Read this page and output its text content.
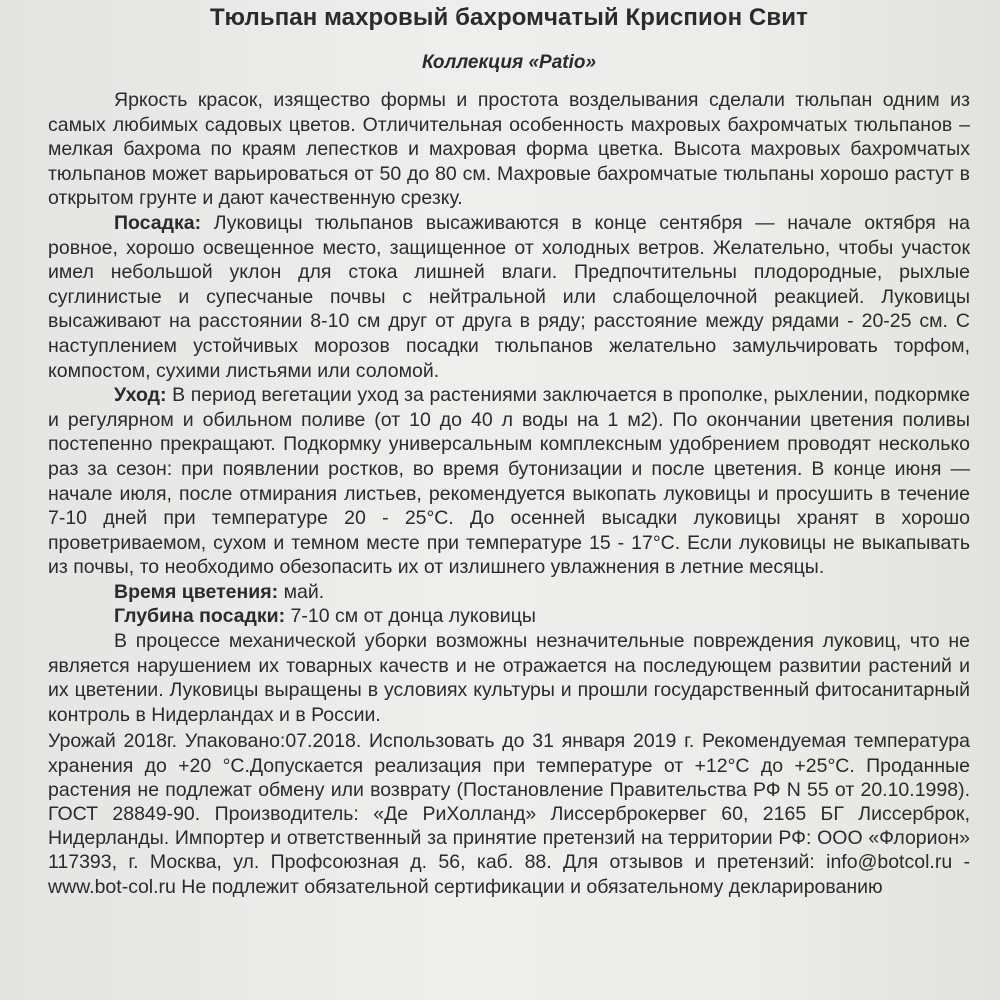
Тюльпан махровый бахромчатый Криспион Свит
Коллекция «Patio»

Яркость красок, изящество формы и простота возделывания сделали тюльпан одним из самых любимых садовых цветов. Отличительная особенность махровых бахромчатых тюльпанов – мелкая бахрома по краям лепестков и махровая форма цветка. Высота махровых бахромчатых тюльпанов может варьироваться от 50 до 80 см. Махровые бахромчатые тюльпаны хорошо растут в открытом грунте и дают качественную срезку.

Посадка: Луковицы тюльпанов высаживаются в конце сентября — начале октября на ровное, хорошо освещенное место, защищенное от холодных ветров. Желательно, чтобы участок имел небольшой уклон для стока лишней влаги. Предпочтительны плодородные, рыхлые суглинистые и супесчаные почвы с нейтральной или слабощелочной реакцией. Луковицы высаживают на расстоянии 8-10 см друг от друга в ряду; расстояние между рядами - 20-25 см. С наступлением устойчивых морозов посадки тюльпанов желательно замульчировать торфом, компостом, сухими листьями или соломой.

Уход: В период вегетации уход за растениями заключается в прополке, рыхлении, подкормке и регулярном и обильном поливе (от 10 до 40 л воды на 1 м2). По окончании цветения поливы постепенно прекращают. Подкормку универсальным комплексным удобрением проводят несколько раз за сезон: при появлении ростков, во время бутонизации и после цветения. В конце июня — начале июля, после отмирания листьев, рекомендуется выкопать луковицы и просушить в течение 7-10 дней при температуре 20 - 25°С. До осенней высадки луковицы хранят в хорошо проветриваемом, сухом и темном месте при температуре 15 - 17°С. Если луковицы не выкапывать из почвы, то необходимо обезопасить их от излишнего увлажнения в летние месяцы.

Время цветения: май.

Глубина посадки: 7-10 см от донца луковицы

В процессе механической уборки возможны незначительные повреждения луковиц, что не является нарушением их товарных качеств и не отражается на последующем развитии растений и их цветении. Луковицы выращены в условиях культуры и прошли государственный фитосанитарный контроль в Нидерландах и в России.

Урожай 2018г. Упаковано:07.2018. Использовать до 31 января 2019 г. Рекомендуемая температура хранения до +20 °С.Допускается реализация при температуре от +12°С до +25°С. Проданные растения не подлежат обмену или возврату (Постановление Правительства РФ N 55 от 20.10.1998). ГОСТ 28849-90. Производитель: «Де РиХолланд» Лиссерброкервег 60, 2165 БГ Лиссерброк, Нидерланды. Импортер и ответственный за принятие претензий на территории РФ: ООО «Флорион» 117393, г. Москва, ул. Профсоюзная д. 56, каб. 88. Для отзывов и претензий: info@botcol.ru - www.bot-col.ru Не подлежит обязательной сертификации и обязательному декларированию
